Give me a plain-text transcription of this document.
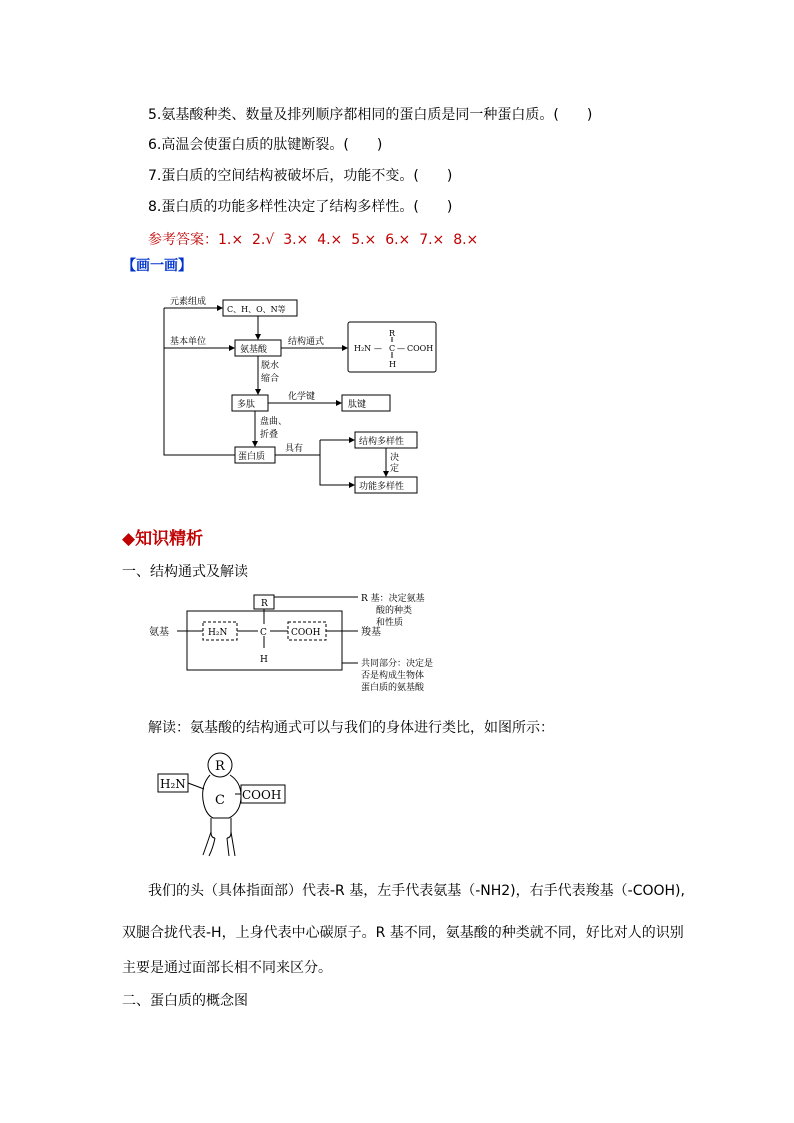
5.氨基酸种类、数量及排列顺序都相同的蛋白质是同一种蛋白质。(　　)
6.高温会使蛋白质的肽键断裂。(　　)
7.蛋白质的空间结构被破坏后，功能不变。(　　)
8.蛋白质的功能多样性决定了结构多样性。(　　)
参考答案：1.× 2.√ 3.× 4.× 5.× 6.× 7.× 8.×
【画一画】
元素组成
C、H、O、N等
基本单位
氨基酸
结构通式
R
H₂N — C — COOH
H
脱水
缩合
多肽
化学键
肽键
盘曲、
折叠
蛋白质
具有
结构多样性
决
定
功能多样性
◆知识精析
一、结构通式及解读
R	R 基：决定氨基
酸的种类
和性质
氨基	H₂N	C	COOH	羧基
H	共同部分：决定是
否是构成生物体
蛋白质的氨基酸
解读：氨基酸的结构通式可以与我们的身体进行类比，如图所示：
R
H₂N
C COOH
我们的头（具体指面部）代表-R 基，左手代表氨基（-NH2)，右手代表羧基（-COOH),
双腿合拢代表-H，上身代表中心碳原子。R 基不同，氨基酸的种类就不同，好比对人的识别
主要是通过面部长相不同来区分。
二、蛋白质的概念图
